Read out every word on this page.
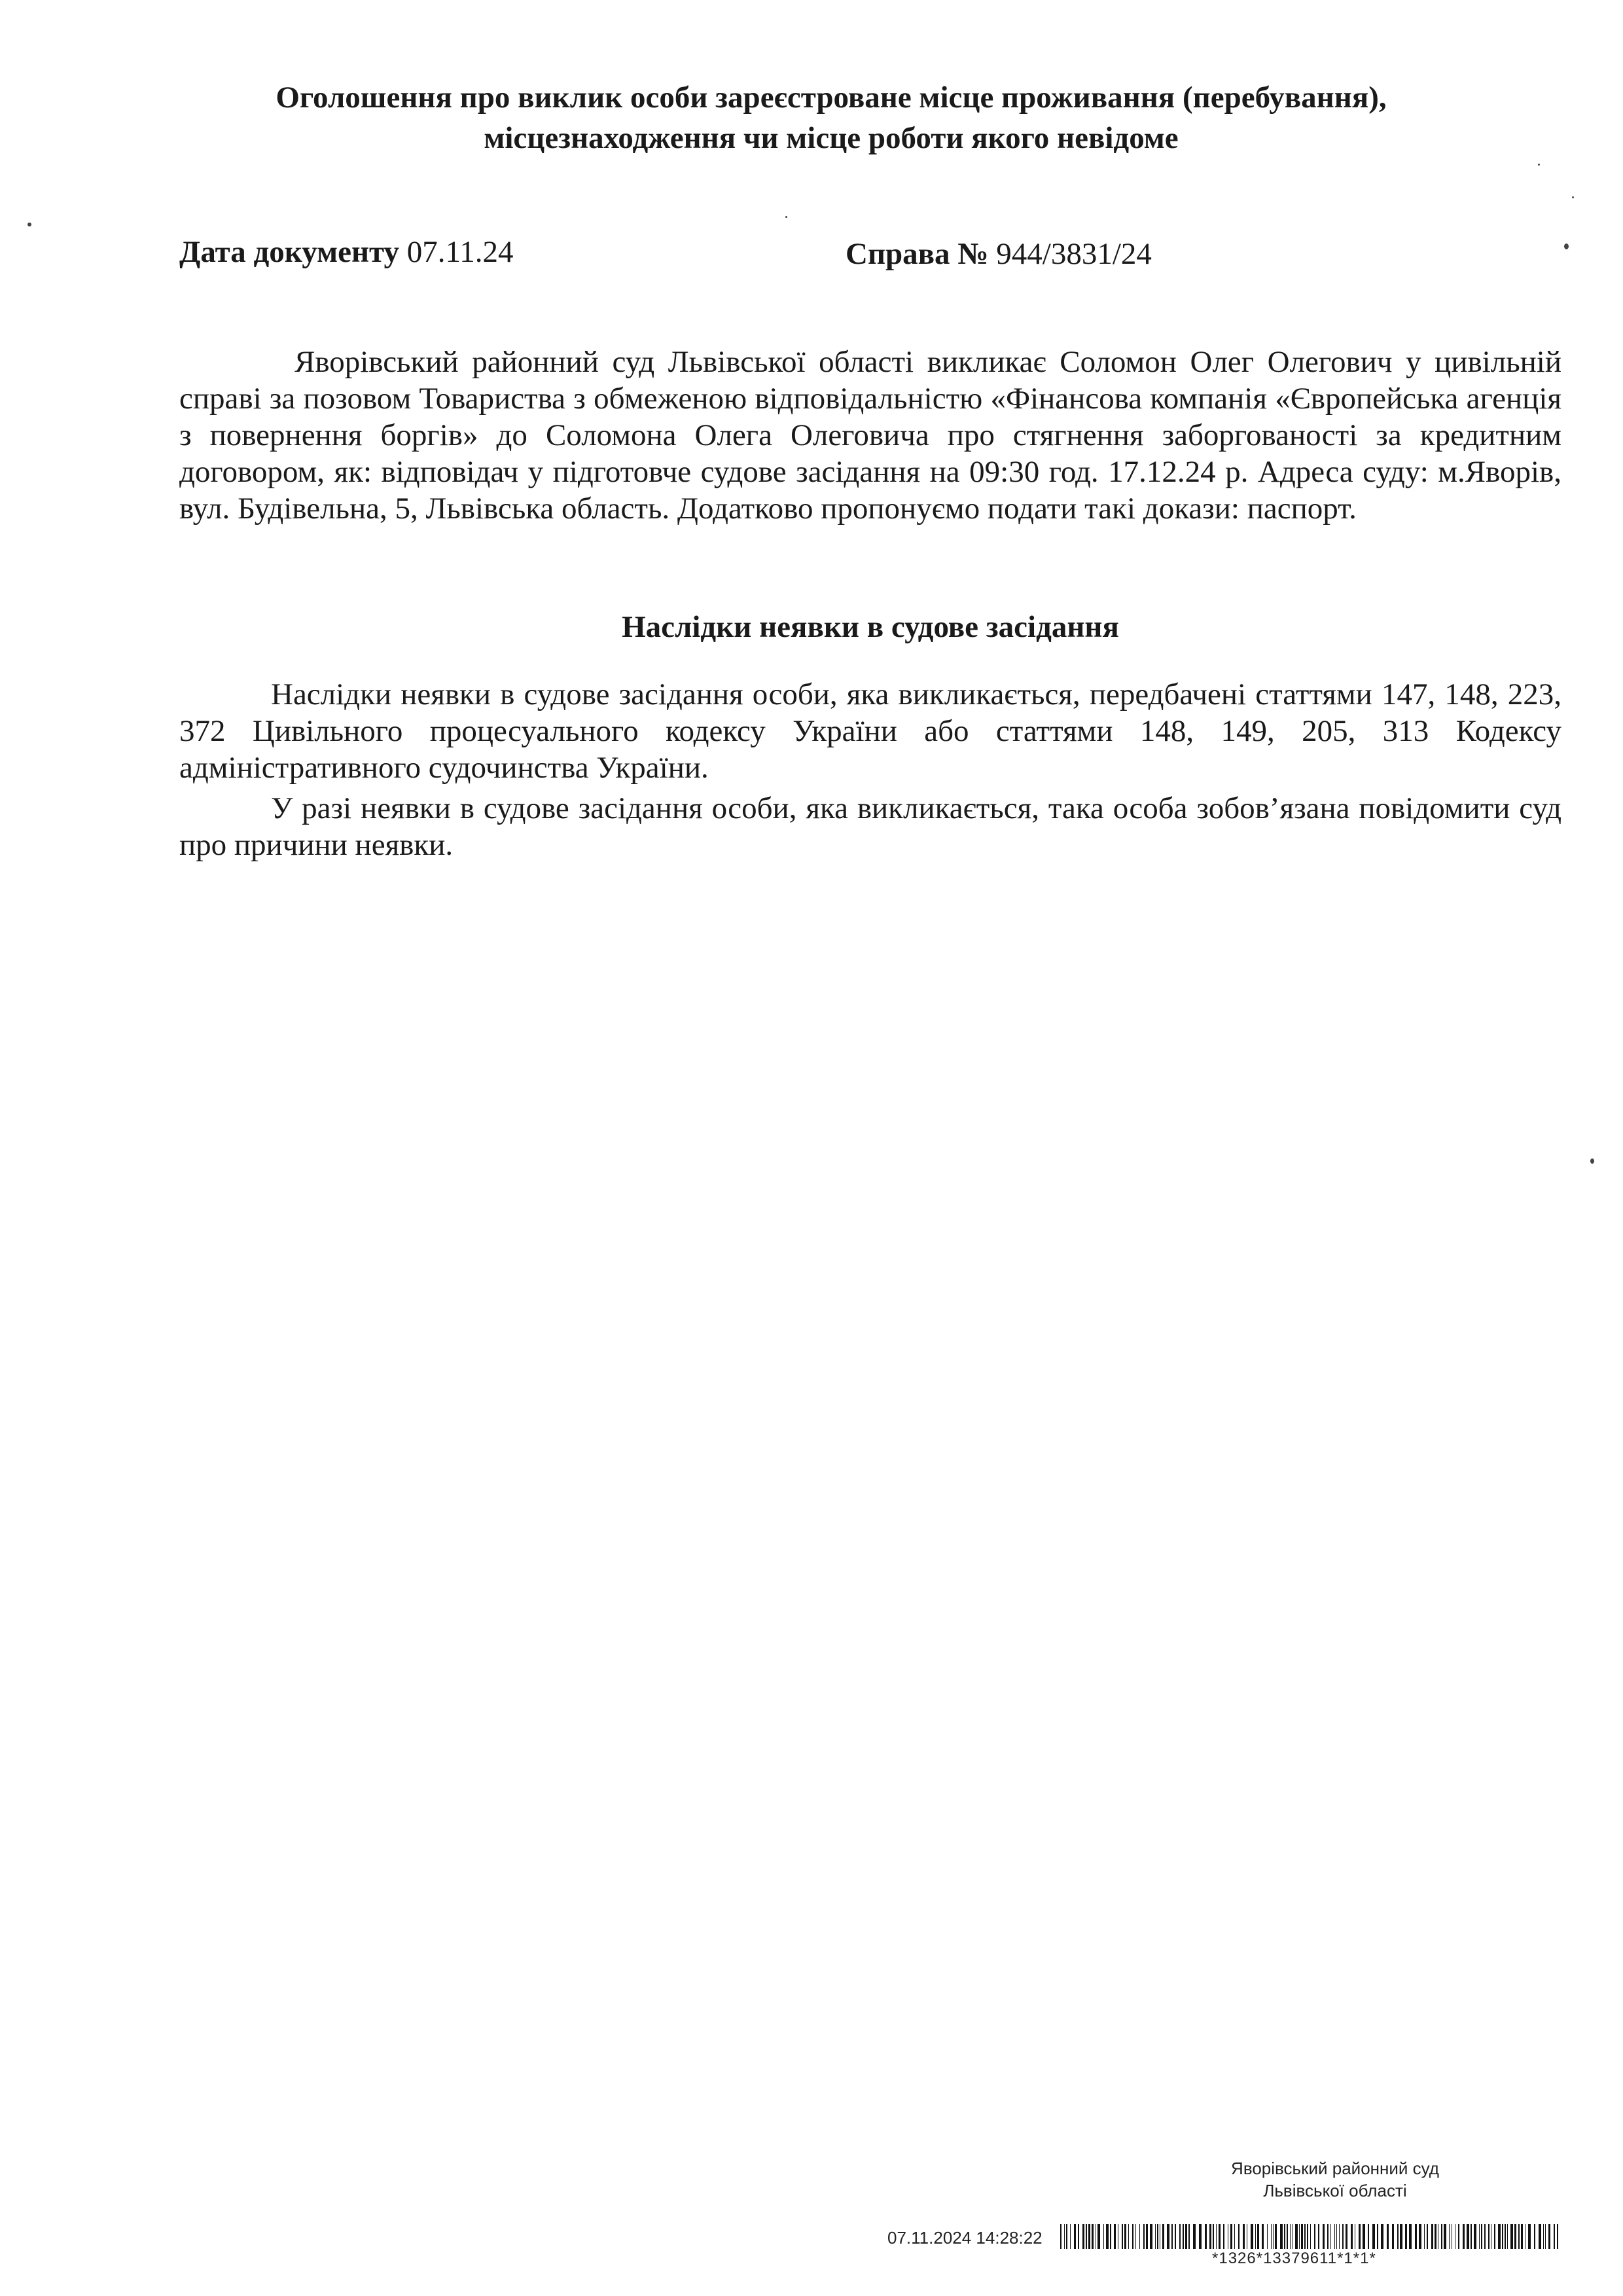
Оголошення про виклик особи зареєстроване місце проживання (перебування),
місцезнаходження чи місце роботи якого невідоме
Дата документу 07.11.24	Справа № 944/3831/24

Яворівський районний суд Львівської області викликає Соломон Олег Олегович у цивільній справі за позовом Товариства з обмеженою відповідальністю «Фінансова компанія «Європейська агенція з повернення боргів» до Соломона Олега Олеговича про стягнення заборгованості за кредитним договором, як: відповідач у підготовче судове засідання на 09:30 год. 17.12.24 р. Адреса суду: м.Яворів, вул. Будівельна, 5, Львівська область. Додатково пропонуємо подати такі докази: паспорт.

Наслідки неявки в судове засідання

Наслідки неявки в судове засідання особи, яка викликається, передбачені статтями 147, 148, 223, 372 Цивільного процесуального кодексу України або статтями 148, 149, 205, 313 Кодексу адміністративного судочинства України.

У разі неявки в судове засідання особи, яка викликається, така особа зобов’язана повідомити суд про причини неявки.

Яворівський районний суд
Львівської області
07.11.2024 14:28:22
*1326*13379611*1*1*
